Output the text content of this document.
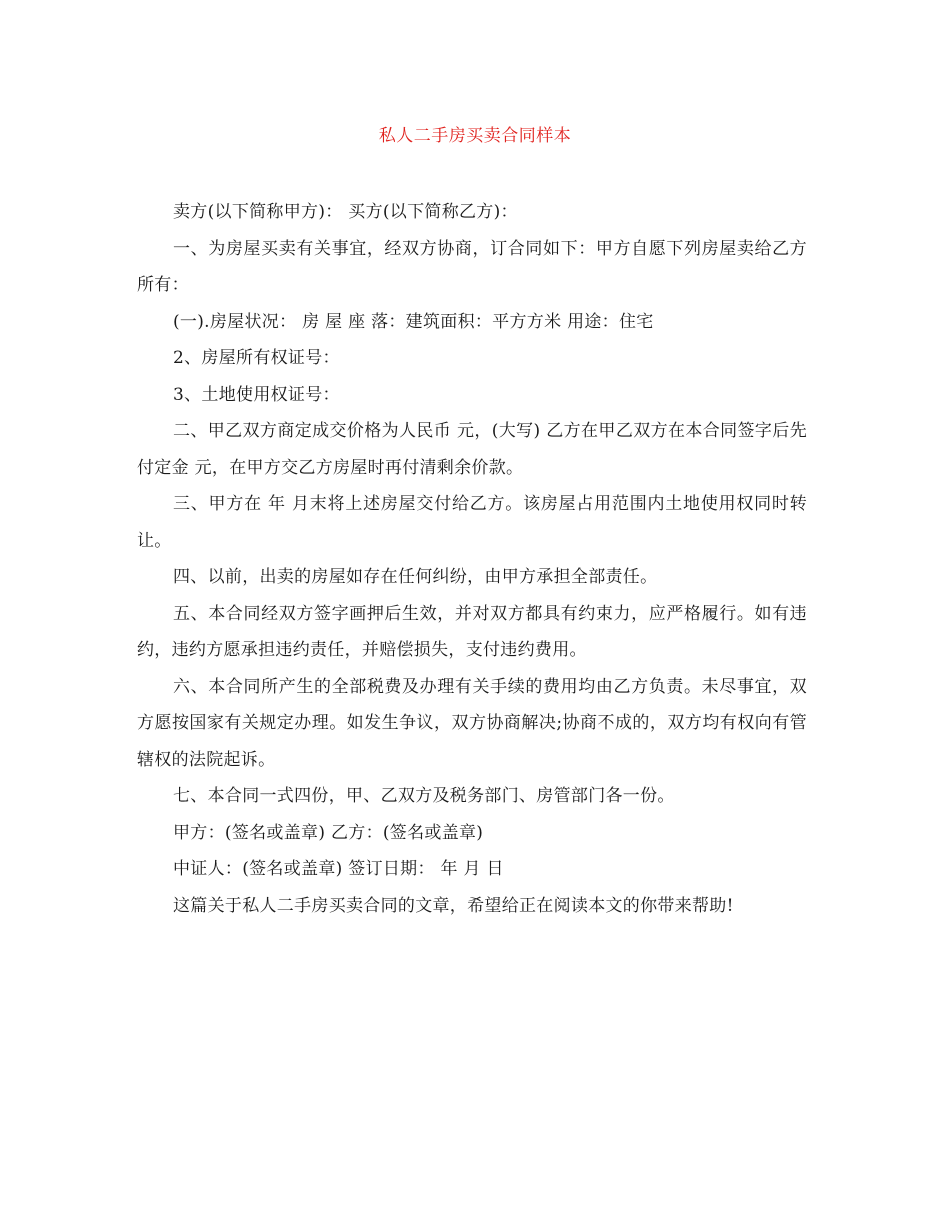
私人二手房买卖合同样本

卖方(以下简称甲方)： 买方(以下简称乙方)：

一、为房屋买卖有关事宜，经双方协商，订合同如下：甲方自愿下列房屋卖给乙方所有：

(一).房屋状况： 房 屋 座 落：建筑面积：平方方米 用途：住宅

2、房屋所有权证号：

3、土地使用权证号：

二、甲乙双方商定成交价格为人民币 元，(大写) 乙方在甲乙双方在本合同签字后先付定金 元，在甲方交乙方房屋时再付清剩余价款。

三、甲方在 年 月末将上述房屋交付给乙方。该房屋占用范围内土地使用权同时转让。

四、以前，出卖的房屋如存在任何纠纷，由甲方承担全部责任。

五、本合同经双方签字画押后生效，并对双方都具有约束力，应严格履行。如有违约，违约方愿承担违约责任，并赔偿损失，支付违约费用。

六、本合同所产生的全部税费及办理有关手续的费用均由乙方负责。未尽事宜，双方愿按国家有关规定办理。如发生争议，双方协商解决;协商不成的，双方均有权向有管辖权的法院起诉。

七、本合同一式四份，甲、乙双方及税务部门、房管部门各一份。

甲方：(签名或盖章) 乙方：(签名或盖章)

中证人：(签名或盖章) 签订日期： 年 月 日

这篇关于私人二手房买卖合同的文章，希望给正在阅读本文的你带来帮助!
